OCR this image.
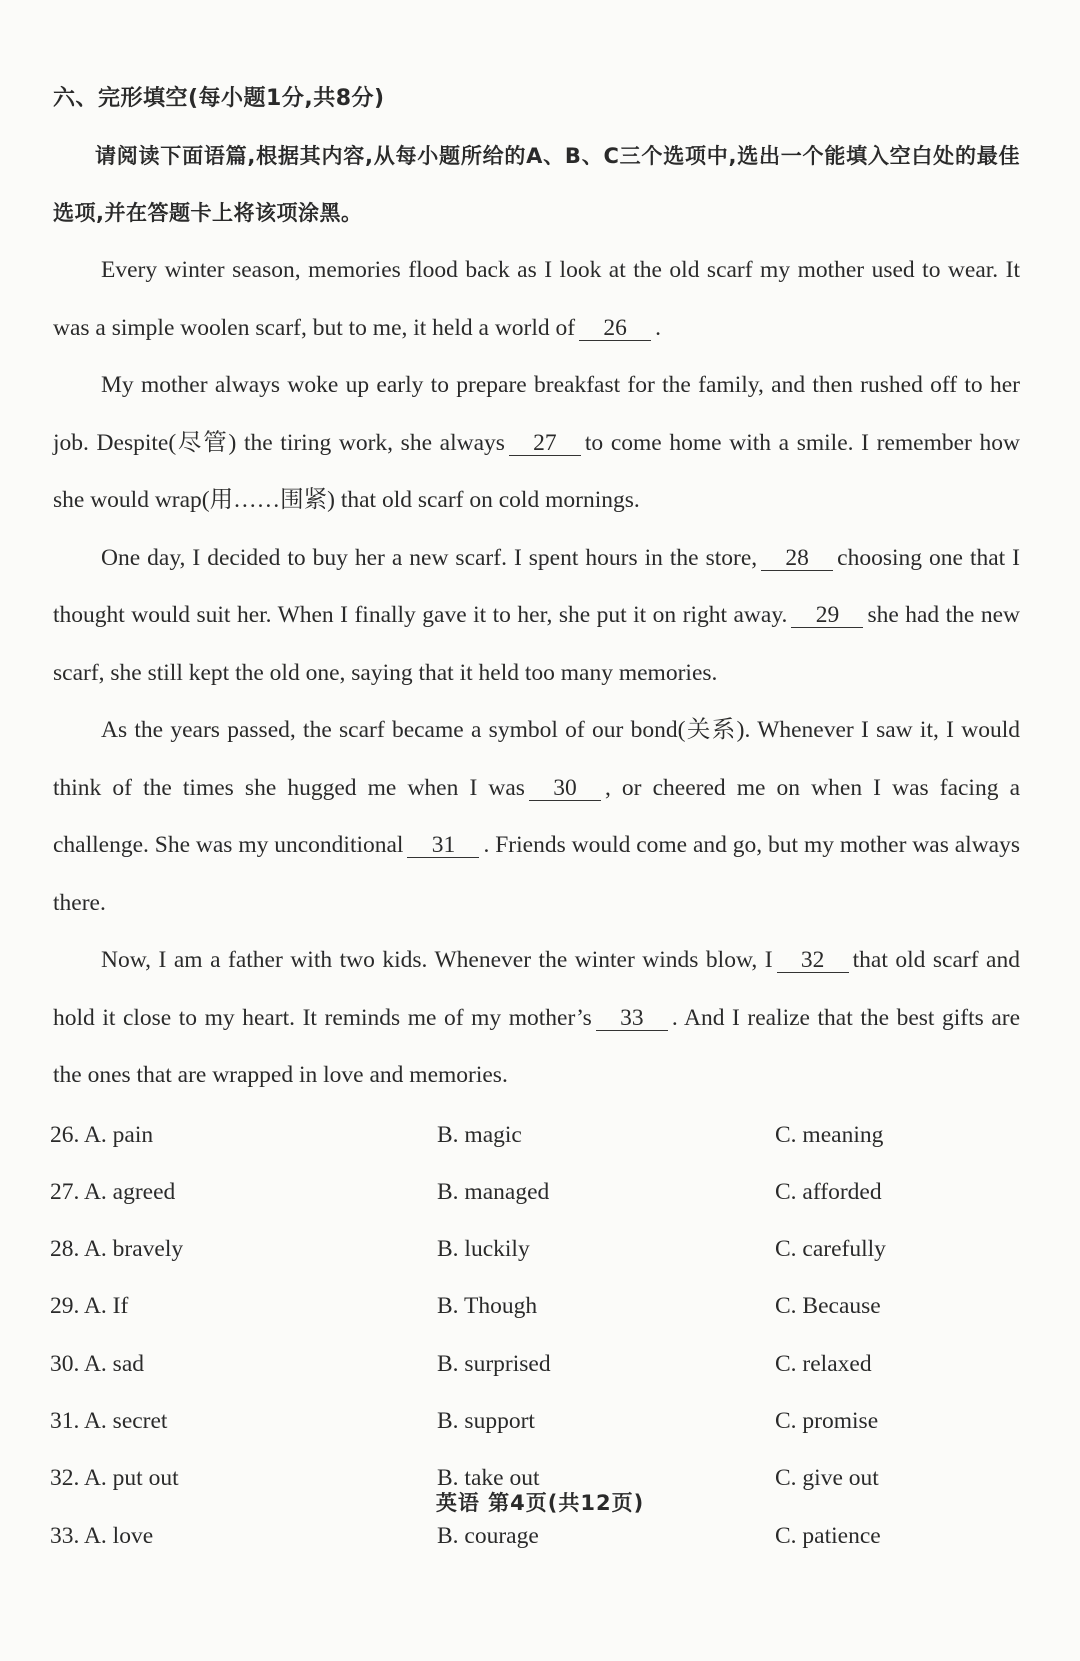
六、完形填空(每小题1分,共8分)
请阅读下面语篇,根据其内容,从每小题所给的A、B、C三个选项中,选出一个能填入空白处的最佳选项,并在答题卡上将该项涂黑。

Every winter season, memories flood back as I look at the old scarf my mother used to wear. It was a simple woolen scarf, but to me, it held a world of 26 .

My mother always woke up early to prepare breakfast for the family, and then rushed off to her job. Despite(尽管) the tiring work, she always 27 to come home with a smile. I remember how she would wrap(用……围紧) that old scarf on cold mornings.

One day, I decided to buy her a new scarf. I spent hours in the store, 28 choosing one that I thought would suit her. When I finally gave it to her, she put it on right away. 29 she had the new scarf, she still kept the old one, saying that it held too many memories.

As the years passed, the scarf became a symbol of our bond(关系). Whenever I saw it, I would think of the times she hugged me when I was 30 , or cheered me on when I was facing a challenge. She was my unconditional 31 . Friends would come and go, but my mother was always there.

Now, I am a father with two kids. Whenever the winter winds blow, I 32 that old scarf and hold it close to my heart. It reminds me of my mother’s 33 . And I realize that the best gifts are the ones that are wrapped in love and memories.

26. A. pain	B. magic	C. meaning
27. A. agreed	B. managed	C. afforded
28. A. bravely	B. luckily	C. carefully
29. A. If	B. Though	C. Because
30. A. sad	B. surprised	C. relaxed
31. A. secret	B. support	C. promise
32. A. put out	B. take out	C. give out
33. A. love	B. courage	C. patience
英语 第4页(共12页)
